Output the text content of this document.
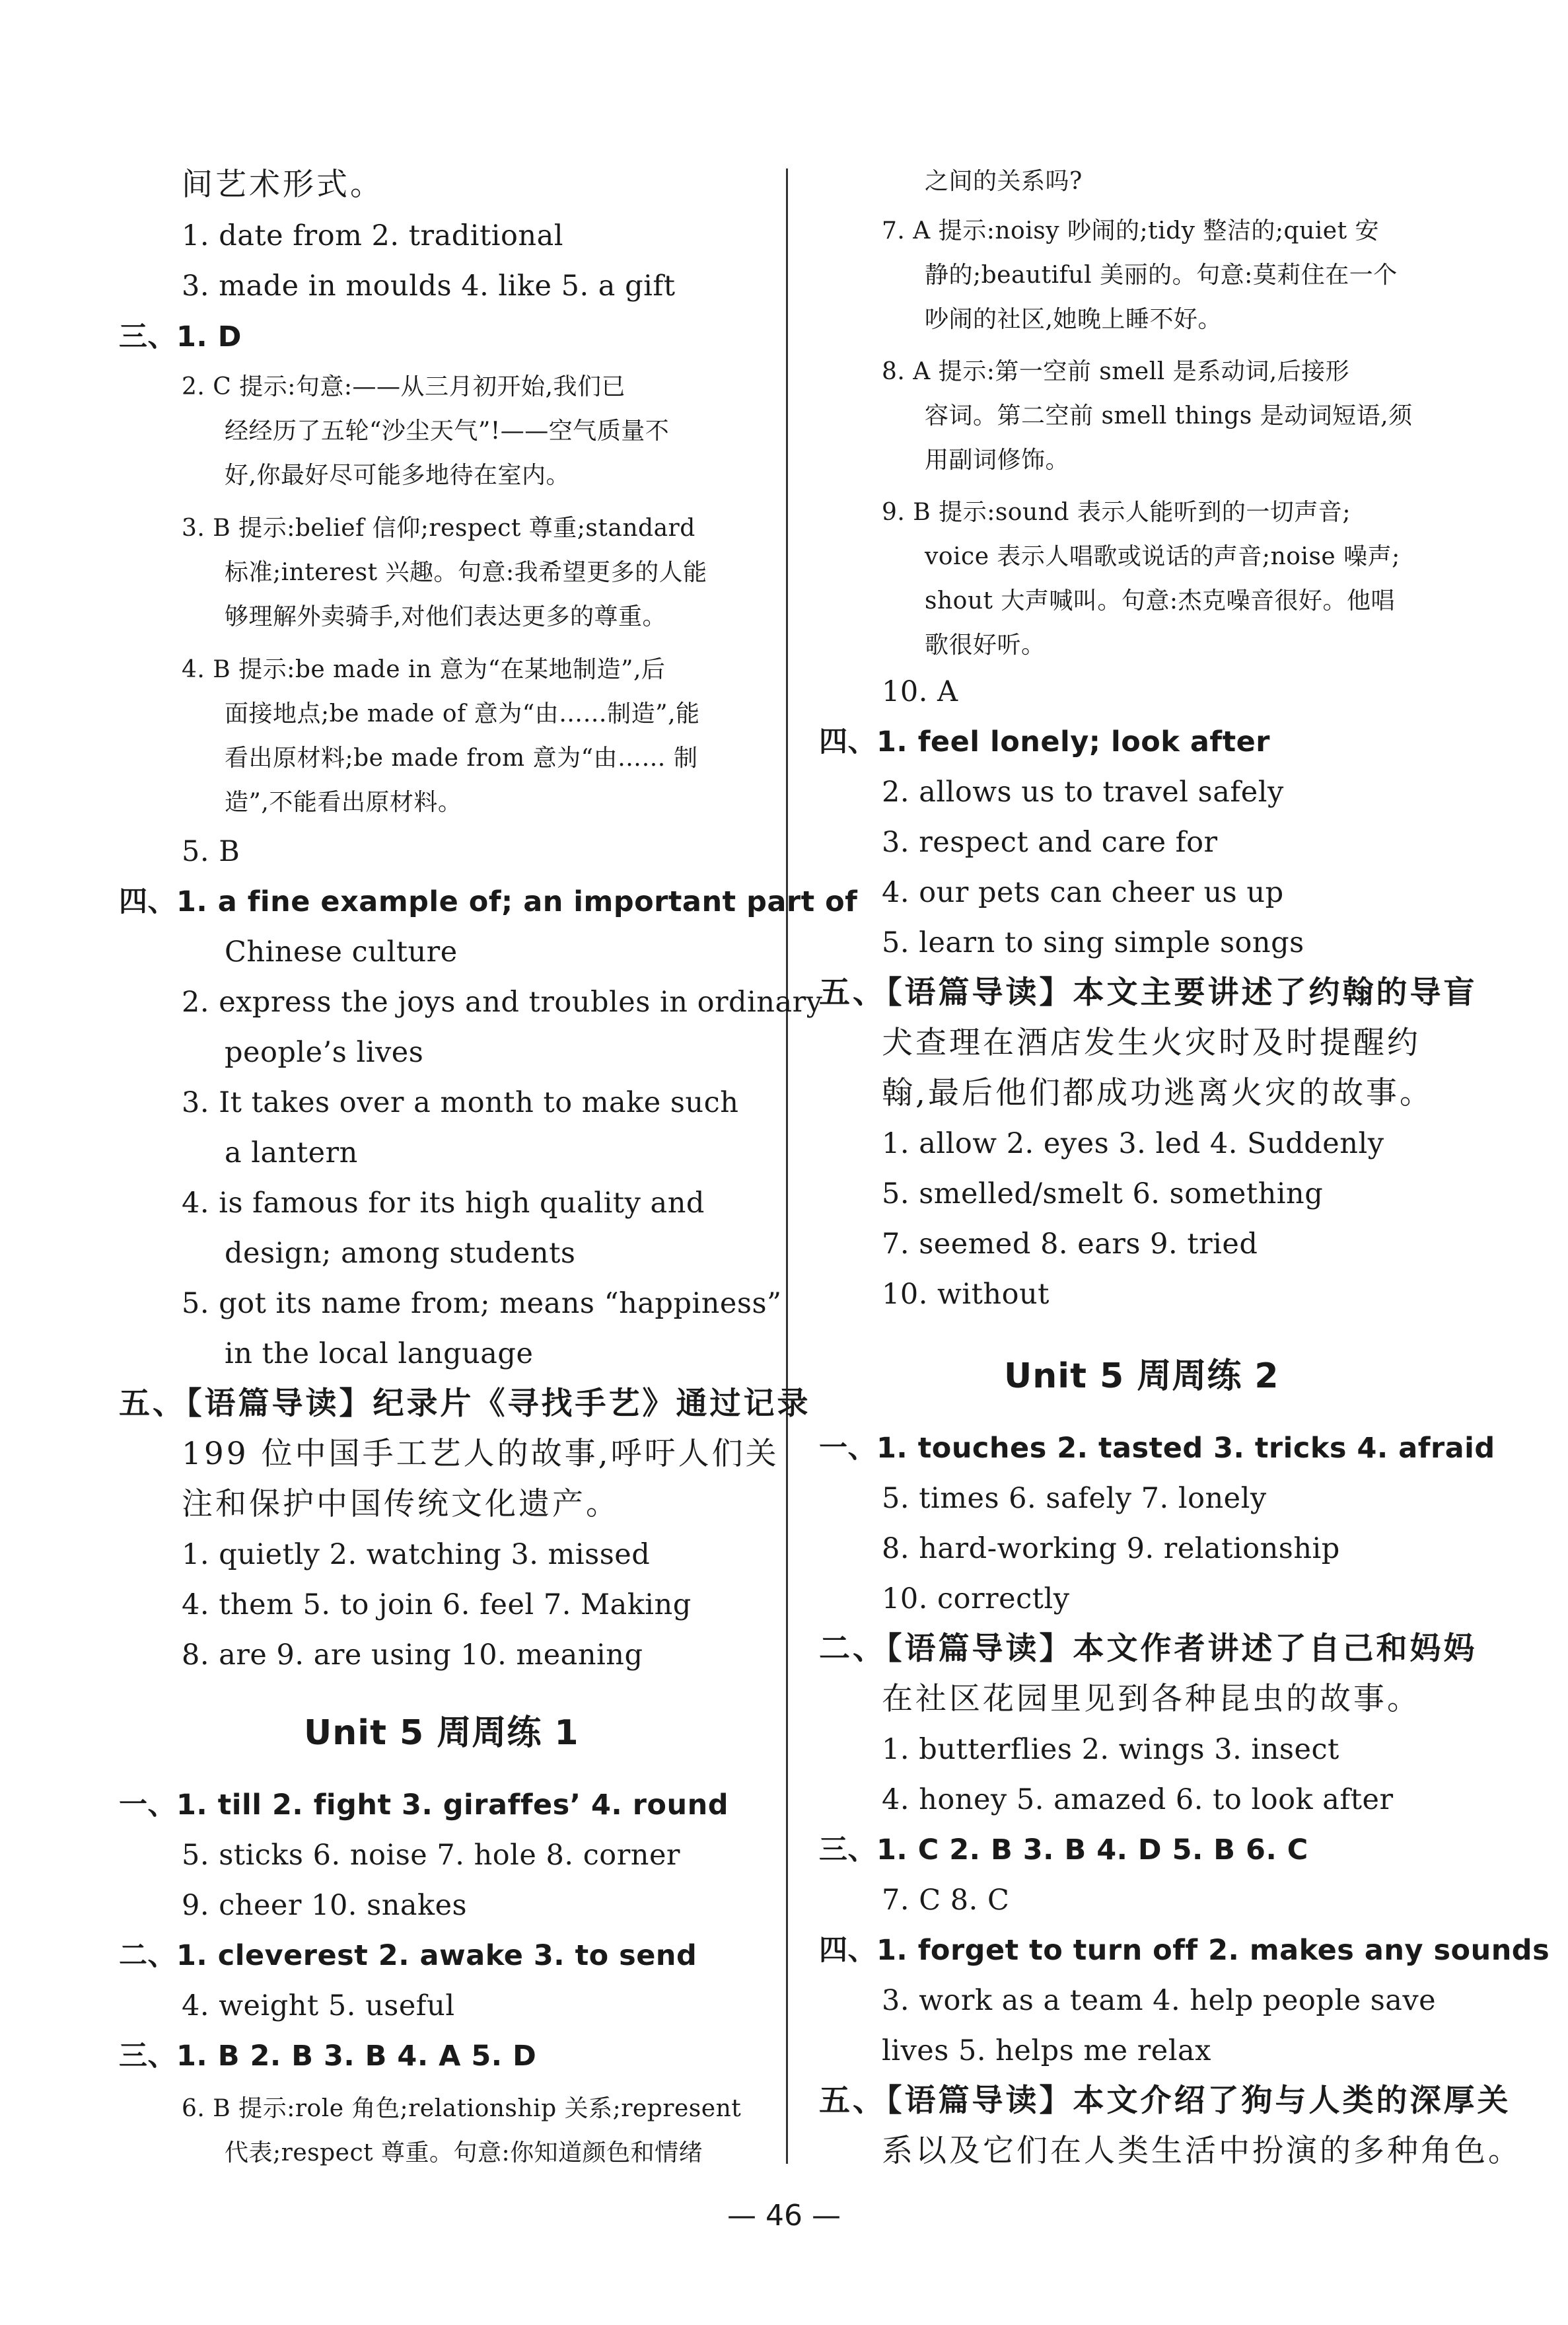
间艺术形式。
1. date from 2. traditional
3. made in moulds 4. like 5. a gift
三、1. D
2. C 提示:句意:——从三月初开始,我们已
经经历了五轮“沙尘天气”!——空气质量不
好,你最好尽可能多地待在室内。
3. B 提示:belief 信仰;respect 尊重;standard
标准;interest 兴趣。句意:我希望更多的人能
够理解外卖骑手,对他们表达更多的尊重。
4. B 提示:be made in 意为“在某地制造”,后
面接地点;be made of 意为“由……制造”,能
看出原材料;be made from 意为“由…… 制
造”,不能看出原材料。
5. B
四、1. a fine example of; an important part of
Chinese culture
2. express the joys and troubles in ordinary
people’s lives
3. It takes over a month to make such
a lantern
4. is famous for its high quality and
design; among students
5. got its name from; means “happiness”
in the local language
五、【语篇导读】纪录片《寻找手艺》通过记录
199 位中国手工艺人的故事,呼吁人们关
注和保护中国传统文化遗产。
1. quietly 2. watching 3. missed
4. them 5. to join 6. feel 7. Making
8. are 9. are using 10. meaning
Unit 5 周周练 1
一、1. till 2. fight 3. giraffes’ 4. round
5. sticks 6. noise 7. hole 8. corner
9. cheer 10. snakes
二、1. cleverest 2. awake 3. to send
4. weight 5. useful
三、1. B 2. B 3. B 4. A 5. D
6. B 提示:role 角色;relationship 关系;represent
代表;respect 尊重。句意:你知道颜色和情绪
之间的关系吗?
7. A 提示:noisy 吵闹的;tidy 整洁的;quiet 安
静的;beautiful 美丽的。句意:莫莉住在一个
吵闹的社区,她晚上睡不好。
8. A 提示:第一空前 smell 是系动词,后接形
容词。第二空前 smell things 是动词短语,须
用副词修饰。
9. B 提示:sound 表示人能听到的一切声音;
voice 表示人唱歌或说话的声音;noise 噪声;
shout 大声喊叫。句意:杰克噪音很好。他唱
歌很好听。
10. A
四、1. feel lonely; look after
2. allows us to travel safely
3. respect and care for
4. our pets can cheer us up
5. learn to sing simple songs
五、【语篇导读】本文主要讲述了约翰的导盲
犬查理在酒店发生火灾时及时提醒约
翰,最后他们都成功逃离火灾的故事。
1. allow 2. eyes 3. led 4. Suddenly
5. smelled/smelt 6. something
7. seemed 8. ears 9. tried
10. without
Unit 5 周周练 2
一、1. touches 2. tasted 3. tricks 4. afraid
5. times 6. safely 7. lonely
8. hard-working 9. relationship
10. correctly
二、【语篇导读】本文作者讲述了自己和妈妈
在社区花园里见到各种昆虫的故事。
1. butterflies 2. wings 3. insect
4. honey 5. amazed 6. to look after
三、1. C 2. B 3. B 4. D 5. B 6. C
7. C 8. C
四、1. forget to turn off 2. makes any sounds
3. work as a team 4. help people save
lives 5. helps me relax
五、【语篇导读】本文介绍了狗与人类的深厚关
系以及它们在人类生活中扮演的多种角色。
— 46 —
